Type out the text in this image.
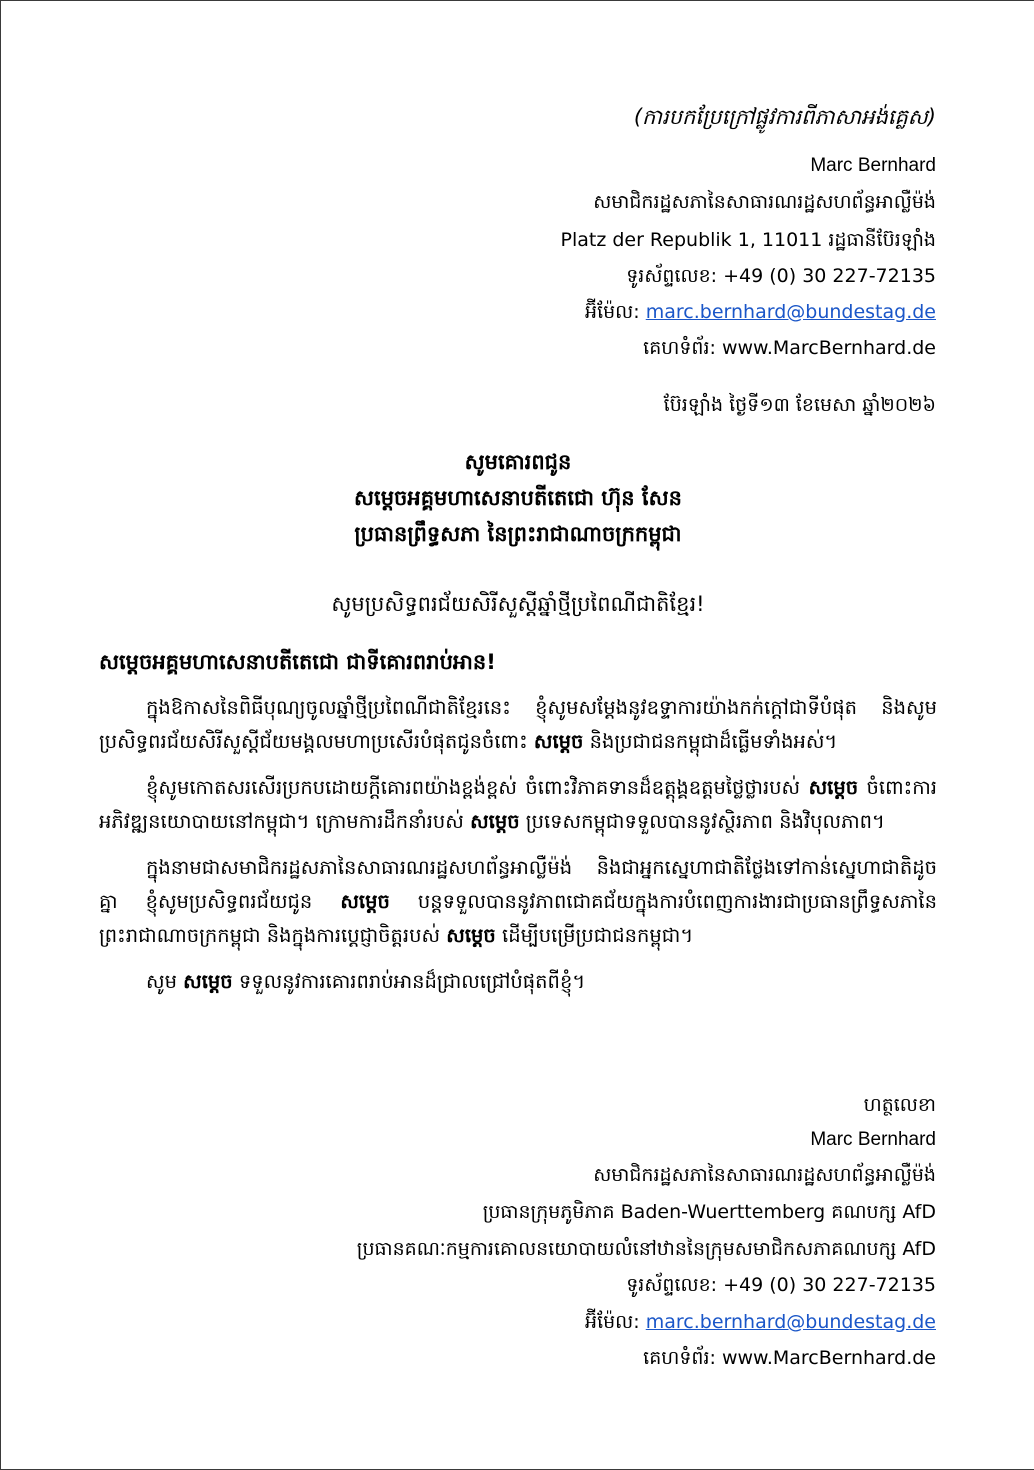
(ការបកប្រែក្រៅផ្លូវការពីភាសាអង់គ្លេស)
Marc Bernhard
សមាជិករដ្ឋសភានៃសាធារណរដ្ឋសហព័ន្ធអាល្លឺម៉ង់
Platz der Republik 1, 11011 រដ្ឋធានីប៊ែរឡាំង
ទូរស័ព្ទលេខ: +49 (0) 30 227-72135
អ៊ីម៉ែល: marc.bernhard@bundestag.de
គេហទំព័រ: www.MarcBernhard.de
ប៊ែរឡាំង ថ្ងៃទី១៣ ខែមេសា ឆ្នាំ២០២៦
សូមគោរពជូន
សម្តេចអគ្គមហាសេនាបតីតេជោ ហ៊ុន សែន
ប្រធានព្រឹទ្ធសភា នៃព្រះរាជាណាចក្រកម្ពុជា
សូមប្រសិទ្ធពរជ័យសិរីសួស្តីឆ្នាំថ្មីប្រពៃណីជាតិខ្មែរ!
សម្តេចអគ្គមហាសេនាបតីតេជោ ជាទីគោរពរាប់អាន!

ក្នុងឱកាសនៃពិធីបុណ្យចូលឆ្នាំថ្មីប្រពៃណីជាតិខ្មែរនេះ ខ្ញុំសូមសម្តែងនូវឧទ្ទាការយ៉ាងកក់ក្តៅជាទីបំផុត និងសូមប្រសិទ្ធពរជ័យសិរីសួស្តីជ័យមង្គលមហាប្រសើរបំផុតជូនចំពោះ សម្តេច និងប្រជាជនកម្ពុជាដ៏ធ្លើមទាំងអស់។

ខ្ញុំសូមកោតសរសើរប្រកបដោយក្តីគោរពយ៉ាងខ្ពង់ខ្ពស់ ចំពោះវិភាគទានដ៏ឧត្តុង្គឧត្តមថ្លៃថ្លារបស់ សម្តេច ចំពោះការអភិវឌ្ឍនយោបាយនៅកម្ពុជា។ ក្រោមការដឹកនាំរបស់ សម្តេច ប្រទេសកម្ពុជាទទួលបាននូវស្ថិរភាព និងវិបុលភាព។

ក្នុងនាមជាសមាជិករដ្ឋសភានៃសាធារណរដ្ឋសហព័ន្ធអាល្លឺម៉ង់ និងជាអ្នកស្នេហាជាតិថ្លែងទៅកាន់ស្នេហាជាតិដូចគ្នា ខ្ញុំសូមប្រសិទ្ធពរជ័យជូន សម្តេច បន្តទទួលបាននូវភាពជោគជ័យក្នុងការបំពេញការងារជាប្រធានព្រឹទ្ធសភានៃព្រះរាជាណាចក្រកម្ពុជា និងក្នុងការប្តេជ្ញាចិត្តរបស់ សម្តេច ដើម្បីបម្រើប្រជាជនកម្ពុជា។

សូម សម្តេច ទទួលនូវការគោរពរាប់អានដ៏ជ្រាលជ្រៅបំផុតពីខ្ញុំ។

ហត្ថលេខា
Marc Bernhard
សមាជិករដ្ឋសភានៃសាធារណរដ្ឋសហព័ន្ធអាល្លឺម៉ង់
ប្រធានក្រុមភូមិភាគ Baden-Wuerttemberg គណបក្ស AfD
ប្រធានគណៈកម្មការគោលនយោបាយលំនៅឋាននៃក្រុមសមាជិកសភាគណបក្ស AfD
ទូរស័ព្ទលេខ: +49 (0) 30 227-72135
អ៊ីម៉ែល: marc.bernhard@bundestag.de
គេហទំព័រ: www.MarcBernhard.de
